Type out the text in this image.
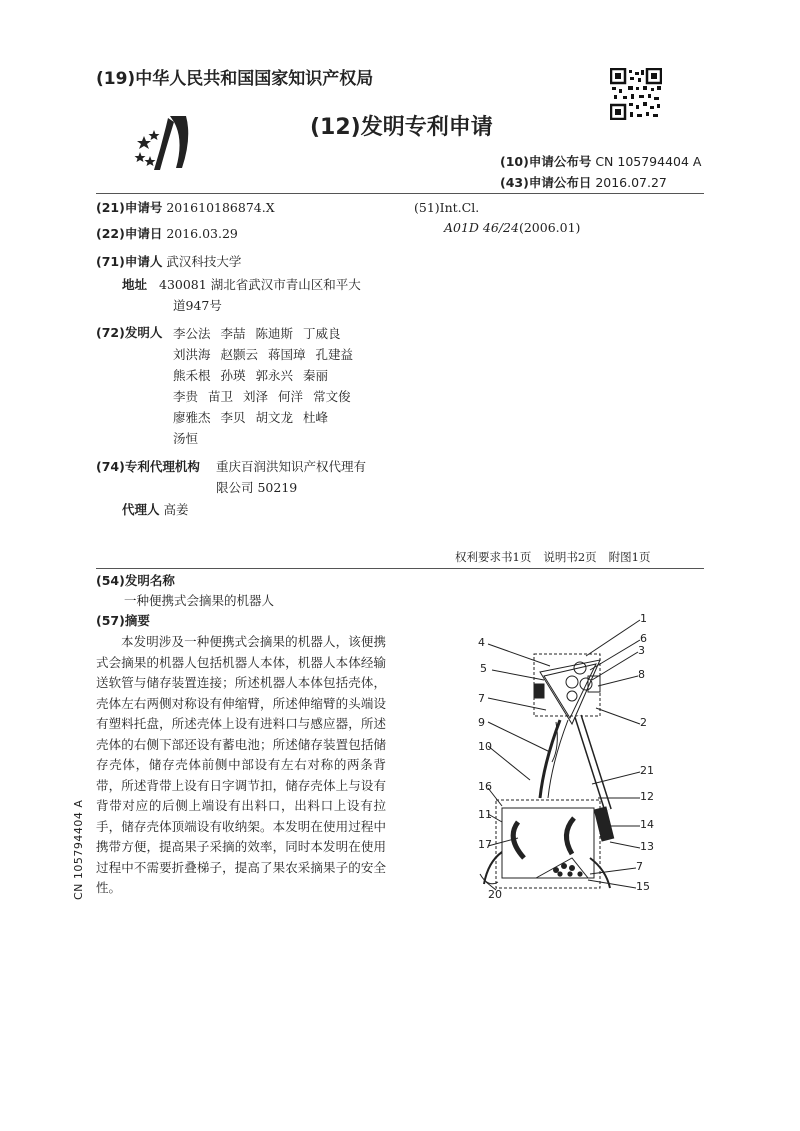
(19)中华人民共和国国家知识产权局
(12)发明专利申请
(10)申请公布号 CN 105794404 A
(43)申请公布日 2016.07.27
(21)申请号 201610186874.X
(22)申请日 2016.03.29
(51)Int.Cl.
A01D 46/24(2006.01)
(71)申请人 武汉科技大学
地址 430081 湖北省武汉市青山区和平大
道947号
(72)发明人 李公法 李喆 陈迪斯 丁威良
刘洪海 赵颢云 蒋国璋 孔建益
熊禾根 孙瑛 郭永兴 秦丽
李贵 苗卫 刘泽 何洋 常文俊
廖雅杰 李贝 胡文龙 杜峰
汤恒
(74)专利代理机构 重庆百润洪知识产权代理有
限公司 50219
代理人 高姜
权利要求书1页 说明书2页 附图1页
(54)发明名称
一种便携式会摘果的机器人
(57)摘要
本发明涉及一种便携式会摘果的机器人，该便携式会摘果的机器人包括机器人本体，机器人本体经输送软管与储存装置连接；所述机器人本体包括壳体，壳体左右两侧对称设有伸缩臂，所述伸缩臂的头端设有塑料托盘，所述壳体上设有进料口与感应器，所述壳体的右侧下部还设有蓄电池；所述储存装置包括储存壳体，储存壳体前侧中部设有左右对称的两条背带，所述背带上设有日字调节扣，储存壳体上与设有背带对应的后侧上端设有出料口，出料口上设有拉手，储存壳体顶端设有收纳架。本发明在使用过程中携带方便，提高果子采摘的效率，同时本发明在使用过程中不需要折叠梯子，提高了果农采摘果子的安全性。
1
6
3
4
5	8
7
2
9
21
10
12
16
11
14
13
17
7
15
20
CN 105794404 A
